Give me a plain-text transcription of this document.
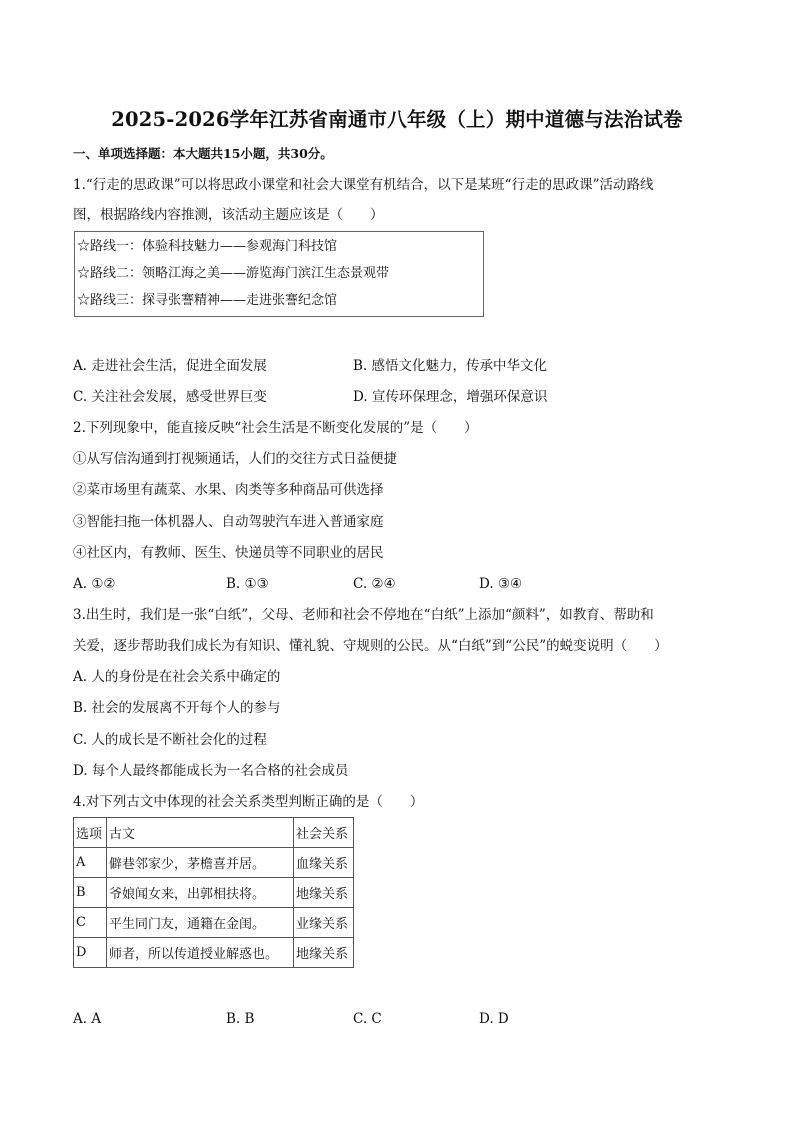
2025-2026学年江苏省南通市八年级（上）期中道德与法治试卷
一、单项选择题：本大题共15小题，共30分。
1.“行走的思政课”可以将思政小课堂和社会大课堂有机结合，以下是某班“行走的思政课”活动路线
图，根据路线内容推测，该活动主题应该是（　　）
☆路线一：体验科技魅力——参观海门科技馆
☆路线二：领略江海之美——游览海门滨江生态景观带
☆路线三：探寻张謇精神——走进张謇纪念馆
A. 走进社会生活，促进全面发展	B. 感悟文化魅力，传承中华文化
C. 关注社会发展，感受世界巨变	D. 宣传环保理念，增强环保意识
2.下列现象中，能直接反映“社会生活是不断变化发展的”是（　　）
①从写信沟通到打视频通话，人们的交往方式日益便捷
②菜市场里有蔬菜、水果、肉类等多种商品可供选择
③智能扫拖一体机器人、自动驾驶汽车进入普通家庭
④社区内，有教师、医生、快递员等不同职业的居民
A. ①②	B. ①③	C. ②④	D. ③④
3.出生时，我们是一张“白纸”，父母、老师和社会不停地在“白纸”上添加“颜料”，如教育、帮助和
关爱，逐步帮助我们成长为有知识、懂礼貌、守规则的公民。从“白纸”到“公民”的蜕变说明（　　）
A. 人的身份是在社会关系中确定的
B. 社会的发展离不开每个人的参与
C. 人的成长是不断社会化的过程
D. 每个人最终都能成长为一名合格的社会成员
4.对下列古文中体现的社会关系类型判断正确的是（　　）
选项	古文	社会关系
A	僻巷邻家少，茅檐喜并居。	血缘关系
B	爷娘闻女来，出郭相扶将。	地缘关系
C	平生同门友，通籍在金闺。	业缘关系
D	师者，所以传道授业解惑也。	地缘关系
A. A	B. B	C. C	D. D
